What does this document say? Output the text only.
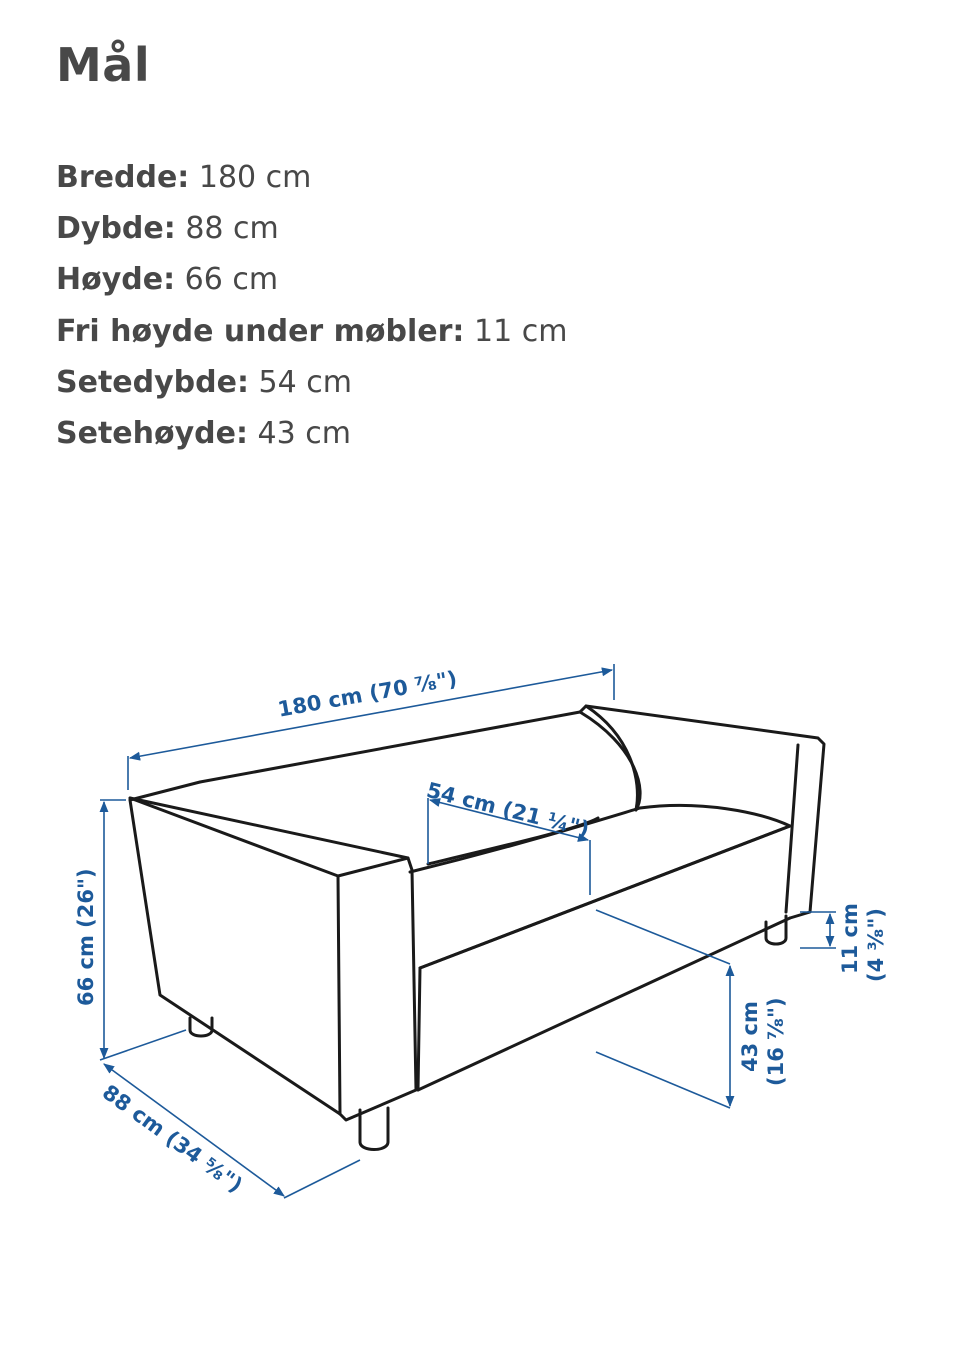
Mål
Bredde: 180 cm
Dybde: 88 cm
Høyde: 66 cm
Fri høyde under møbler: 11 cm
Setedybde: 54 cm
Setehøyde: 43 cm
180 cm (70 ⁷⁄₈")
54 cm (21 ¼")
66 cm (26")
88 cm (34 ⁵⁄₈")
43 cm (16 ⁷⁄₈")
11 cm (4 ³⁄₈")
